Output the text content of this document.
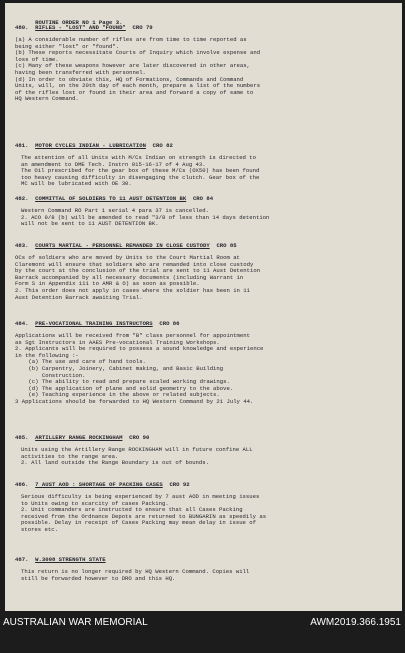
ROUTINE ORDER NO 1 Page 3.

480. RIFLES - "LOST" AND "FOUND" CRO 79
(a) A considerable number of rifles are from time to time reported as
being either "lost" or "found".
(b) These reports necessitate Courts of Inquiry which involve expense and
loss of time.
(c) Many of these weapons however are later discovered in other areas,
having been transferred with personnel.
(d) In order to obviate this, HQ of Formations, Commands and Command
Units, will, on the 20th day of each month, prepare a list of the numbers
of the rifles lost or found in their area and forward a copy of same to
HQ Western Command.
481. MOTOR CYCLES INDIAN - LUBRICATION CRO 82
The attention of all Units with M/Cs Indian on strength is directed to
an amendment to DME Tech. Instrn 015-16-17 of 4 Aug 43.
The Oil prescribed for the gear box of these M/Cs (OX50) has been found
too heavy causing difficulty in disengaging the clutch. Gear box of the
MC will be lubricated with OE 30.
482. COMMITTAL OF SOLDIERS TO 11 AUST DETENTION BK CRO 84
Western Command RO Part 1 serial 4 para 37 is cancelled.
2. ACO 9/8 (b) will be amended to read "3/8 of less than 14 days detention
will not be sent to 11 AUST DETENTION BK.
483. COURTS MARTIAL - PERSONNEL REMANDED IN CLOSE CUSTODY CRO 85
OCs of soldiers who are moved by Units to the Court Martial Room at
Claremont will ensure that soldiers who are remanded into close custody
by the court at the conclusion of the trial are sent to 11 Aust Detention
Barrack accompanied by all necessary documents (including Warrant in
Form S in Appendix 111 to AMR & O) as soon as possible.
2. This order does not apply in cases where the soldier has been in 11
Aust Detention Barrack awaiting Trial.
484. PRE-VOCATIONAL TRAINING INSTRUCTORS CRO 86
Applications will be received from "B" class personnel for appointment
as Sgt Instructors in AAES Pre-vocational Training Workshops.
2. Applicants will be required to possess a sound knowledge and experience
in the following :-
(a) The use and care of hand tools.
(b) Carpentry, Joinery, Cabinet making, and Basic Building
Construction.
(c) The ability to read and prepare scaled working drawings.
(d) The application of plane and solid geometry to the above.
(e) Teaching experience in the above or related subjects.
3 Applications should be forwarded to HQ Western Command by 21 July 44.
485. ARTILLERY RANGE ROCKINGHAM CRO 90
Units using the Artillery Range ROCKINGHAM will in future confine ALL
activities to the range area.
2. All land outside the Range Boundary is out of bounds.
486. 7 AUST AOD : SHORTAGE OF PACKING CASES CRO 92
Serious difficulty is being experienced by 7 aust AOD in meeting issues
to Units owing to scarcity of cases Packing.
2. Unit commanders are instructed to ensure that all Cases Packing
received from the Ordnance Depots are returned to BUNGARIN as speedily as
possible. Delay in receipt of Cases Packing may mean delay in issue of
stores etc.
487. W.3008 STRENGTH STATE
This return is no longer required by HQ Western Command. Copies will
still be forwarded however to DRO and this HQ.
AUSTRALIAN WAR MEMORIAL	AWM2019.366.1951
